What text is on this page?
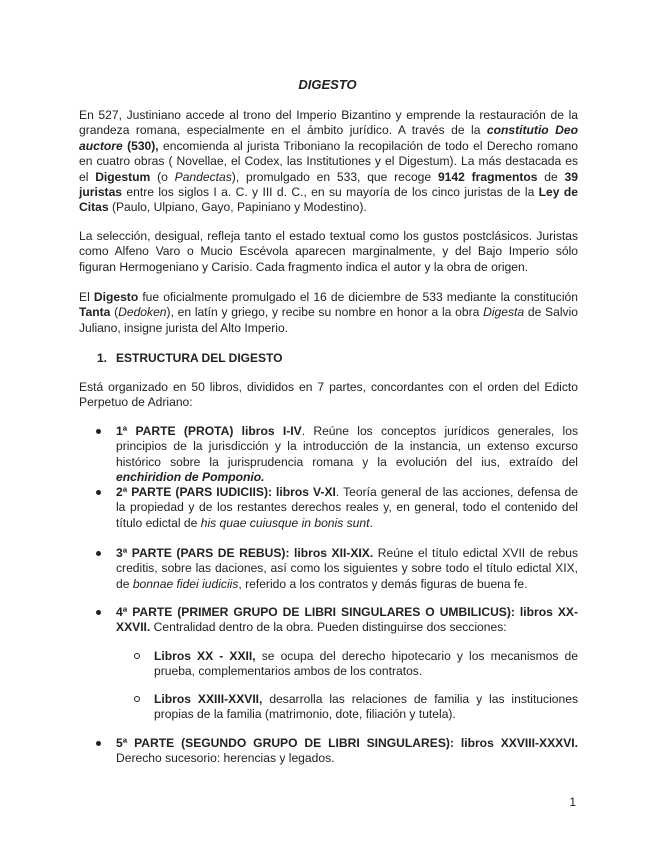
DIGESTO
En 527, Justiniano accede al trono del Imperio Bizantino y emprende la restauración de la grandeza romana, especialmente en el ámbito jurídico. A través de la constitutio Deo auctore (530), encomienda al jurista Triboniano la recopilación de todo el Derecho romano en cuatro obras ( Novellae, el Codex, las Institutiones y el Digestum). La más destacada es el Digestum (o Pandectas), promulgado en 533, que recoge 9142 fragmentos de 39 juristas entre los siglos I a. C. y III d. C., en su mayoría de los cinco juristas de la Ley de Citas (Paulo, Ulpiano, Gayo, Papiniano y Modestino).
La selección, desigual, refleja tanto el estado textual como los gustos postclásicos. Juristas como Alfeno Varo o Mucio Escévola aparecen marginalmente, y del Bajo Imperio sólo figuran Hermogeniano y Carisio. Cada fragmento indica el autor y la obra de origen.
El Digesto fue oficialmente promulgado el 16 de diciembre de 533 mediante la constitución Tanta (Dedoken), en latín y griego, y recibe su nombre en honor a la obra Digesta de Salvio Juliano, insigne jurista del Alto Imperio.
1. ESTRUCTURA DEL DIGESTO
Está organizado en 50 libros, divididos en 7 partes, concordantes con el orden del Edicto Perpetuo de Adriano:
1ª PARTE (PROTA) libros I-IV. Reúne los conceptos jurídicos generales, los principios de la jurisdicción y la introducción de la instancia, un extenso excurso histórico sobre la jurisprudencia romana y la evolución del ius, extraído del enchiridion de Pomponio.
2ª PARTE (PARS IUDICIIS): libros V-XI. Teoría general de las acciones, defensa de la propiedad y de los restantes derechos reales y, en general, todo el contenido del título edictal de his quae cuiusque in bonis sunt.
3ª PARTE (PARS DE REBUS): libros XII-XIX. Reúne el título edictal XVII de rebus creditis, sobre las daciones, así como los siguientes y sobre todo el título edictal XIX, de bonnae fidei iudiciis, referido a los contratos y demás figuras de buena fe.
4ª PARTE (PRIMER GRUPO DE LIBRI SINGULARES O UMBILICUS): libros XX-XXVII. Centralidad dentro de la obra. Pueden distinguirse dos secciones:
Libros XX - XXII, se ocupa del derecho hipotecario y los mecanismos de prueba, complementarios ambos de los contratos.
Libros XXIII-XXVII, desarrolla las relaciones de familia y las instituciones propias de la familia (matrimonio, dote, filiación y tutela).
5ª PARTE (SEGUNDO GRUPO DE LIBRI SINGULARES): libros XXVIII-XXXVI. Derecho sucesorio: herencias y legados.
1
